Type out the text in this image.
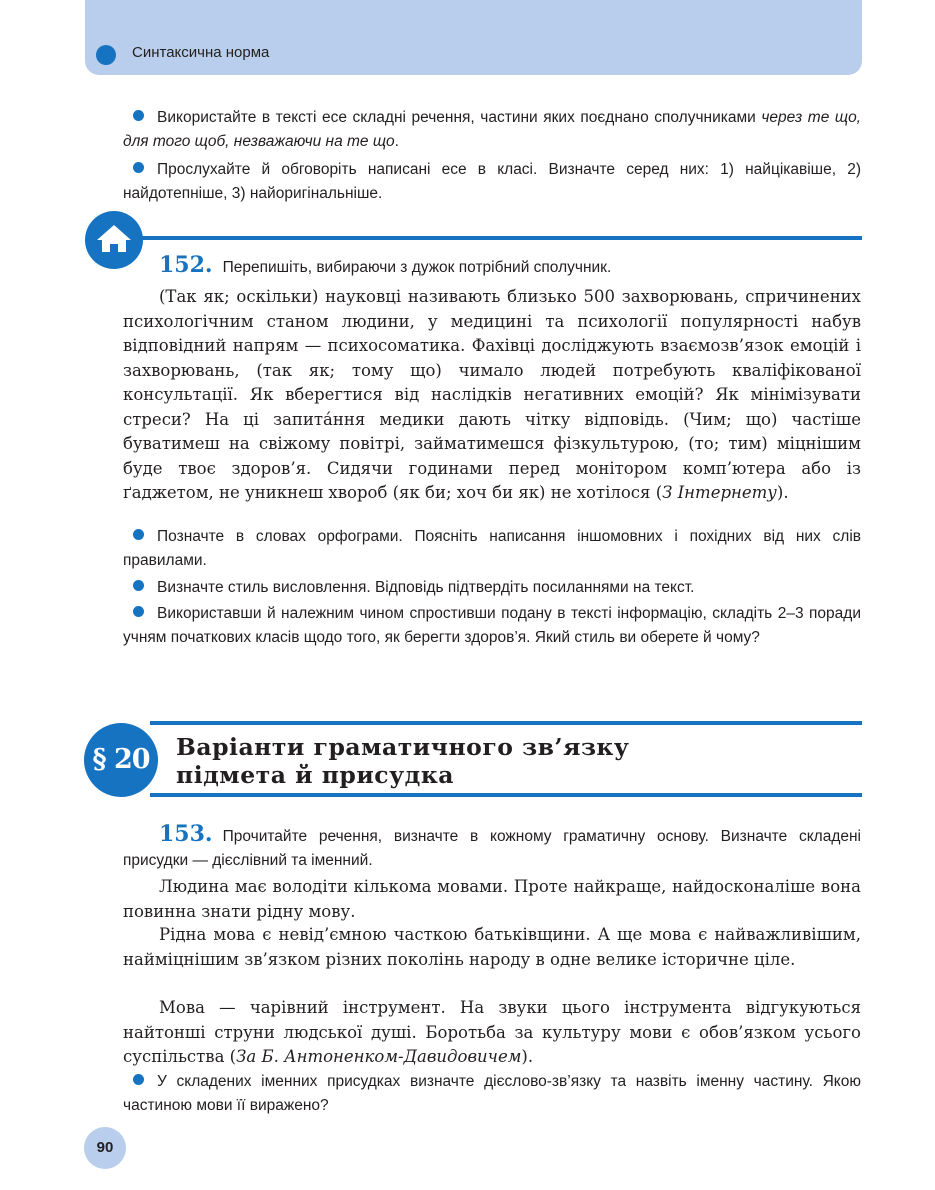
Синтаксична норма

Використайте в тексті есе складні речення, частини яких поєднано сполучниками через те що, для того щоб, незважаючи на те що.

Прослухайте й обговоріть написані есе в класі. Визначте серед них: 1) найцікавіше, 2) найдотепніше, 3) найоригінальніше.

152. Перепишіть, вибираючи з дужок потрібний сполучник.

(Так як; оскільки) науковці називають близько 500 захворювань, спричинених психологічним станом людини, у медицині та психології популярності набув відповідний напрям — психосоматика. Фахівці досліджують взаємозв’язок емоцій і захворювань, (так як; тому що) чимало людей потребують кваліфікованої консультації. Як вберегтися від наслідків негативних емоцій? Як мінімізувати стреси? На ці запита́ння медики дають чітку відповідь. (Чим; що) частіше буватимеш на свіжому повітрі, займатимешся фізкультурою, (то; тим) міцнішим буде твоє здоров’я. Сидячи годинами перед монітором комп’ютера або із ґаджетом, не уникнеш хвороб (як би; хоч би як) не хотілося (З Інтернету).

Позначте в словах орфограми. Поясніть написання іншомовних і похідних від них слів правилами.

Визначте стиль висловлення. Відповідь підтвердіть посиланнями на текст.

Використавши й належним чином спростивши подану в тексті інформацію, складіть 2–3 поради учням початкових класів щодо того, як берегти здоров’я. Який стиль ви оберете й чому?

§ 20	Варіанти граматичного зв’язку
підмета й присудка

153. Прочитайте речення, визначте в кожному граматичну основу. Визначте складені присудки — дієслівний та іменний.

Людина має володіти кількома мовами. Проте найкраще, найдосконаліше вона повинна знати рідну мову.

Рідна мова є невід’ємною часткою батьківщини. А ще мова є найважливішим, найміцнішим зв’язком різних поколінь народу в одне велике історичне ціле.

Мова — чарівний інструмент. На звуки цього інструмента відгукуються найтонші струни людської душі. Боротьба за культуру мови є обов’язком усього суспільства (За Б. Антоненком-Давидовичем).

У складених іменних присудках визначте дієслово-зв’язку та назвіть іменну частину. Якою частиною мови її виражено?

90
